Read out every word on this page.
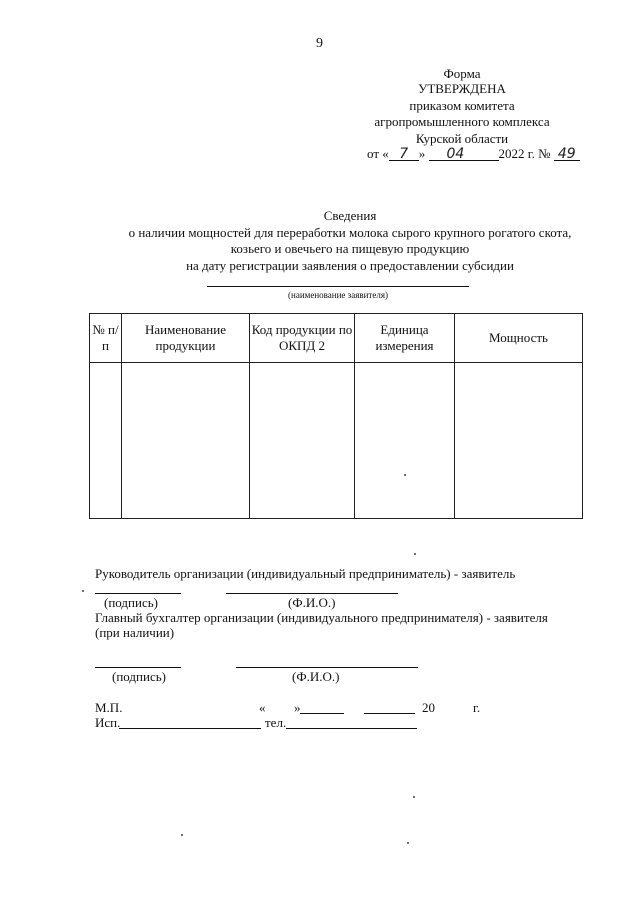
9
Форма
УТВЕРЖДЕНА
приказом комитета
агропромышленного комплекса
Курской области
от « 7 » 04	2022 г. № 49
Сведения
о наличии мощностей для переработки молока сырого крупного рогатого скота,
козьего и овечьего на пищевую продукцию
на дату регистрации заявления о предоставлении субсидии
(наименование заявителя)
№ п/п	Наименование продукции	Код продукции по ОКПД 2	Единица измерения	Мощность

Руководитель организации (индивидуальный предприниматель) - заявитель
(подпись)	(Ф.И.О.)
Главный бухгалтер организации (индивидуального предпринимателя) - заявителя
(при наличии)
(подпись)	(Ф.И.О.)
М.П.	« »	20	г.
Исп.	тел.
